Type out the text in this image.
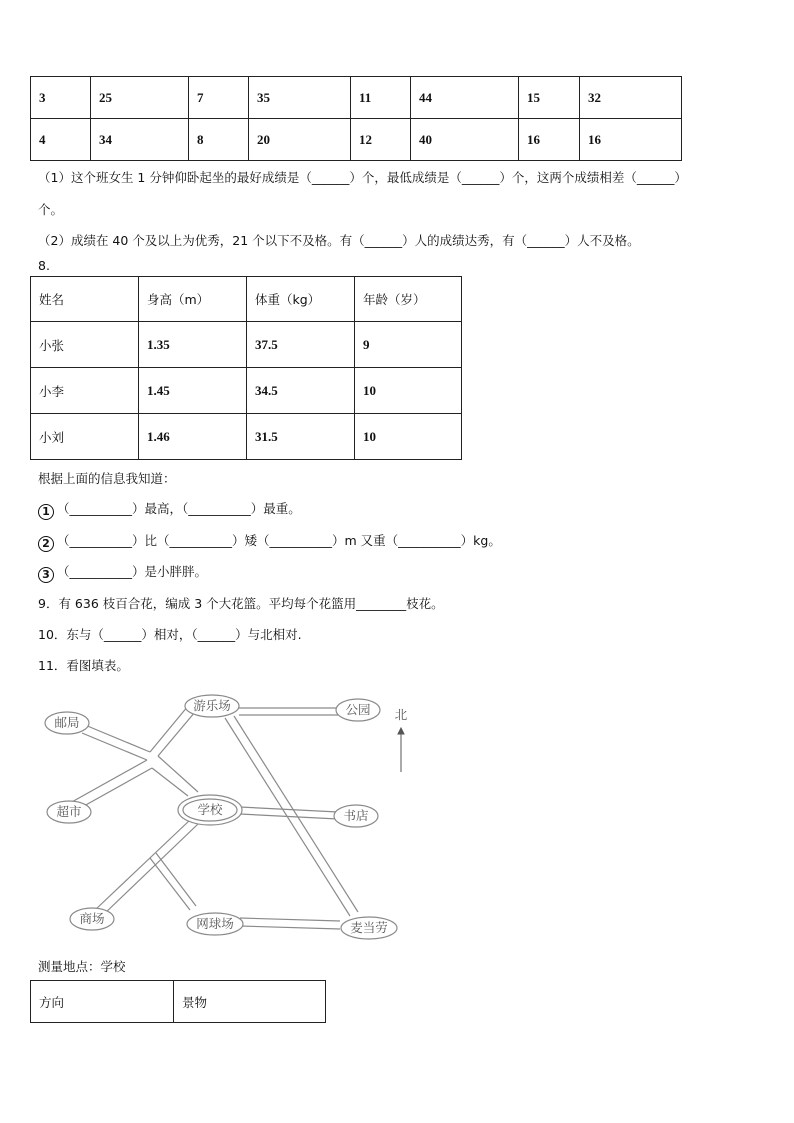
3	25	7	35	11	44	15	32
4	34	8	20	12	40	16	16
（1）这个班女生 1 分钟仰卧起坐的最好成绩是（______）个，最低成绩是（______）个，这两个成绩相差（______）
个。
（2）成绩在 40 个及以上为优秀，21 个以下不及格。有（______）人的成绩达秀，有（______）人不及格。
8.
姓名	身高（m）	体重（kg）	年龄（岁）
小张	1.35	37.5	9
小李	1.45	34.5	10
小刘	1.46	31.5	10
根据上面的信息我知道：
1 （__________）最高，（__________）最重。
2 （__________）比（__________）矮（__________）m 又重（__________）kg。
3 （__________）是小胖胖。
9．有 636 枝百合花，编成 3 个大花篮。平均每个花篮用________枝花。
10．东与（______）相对，（______）与北相对.
11．看图填表。
邮局
游乐场	公园
超市	学校	书店
商场	网球场	麦当劳
北
测量地点：学校
方向	景物
